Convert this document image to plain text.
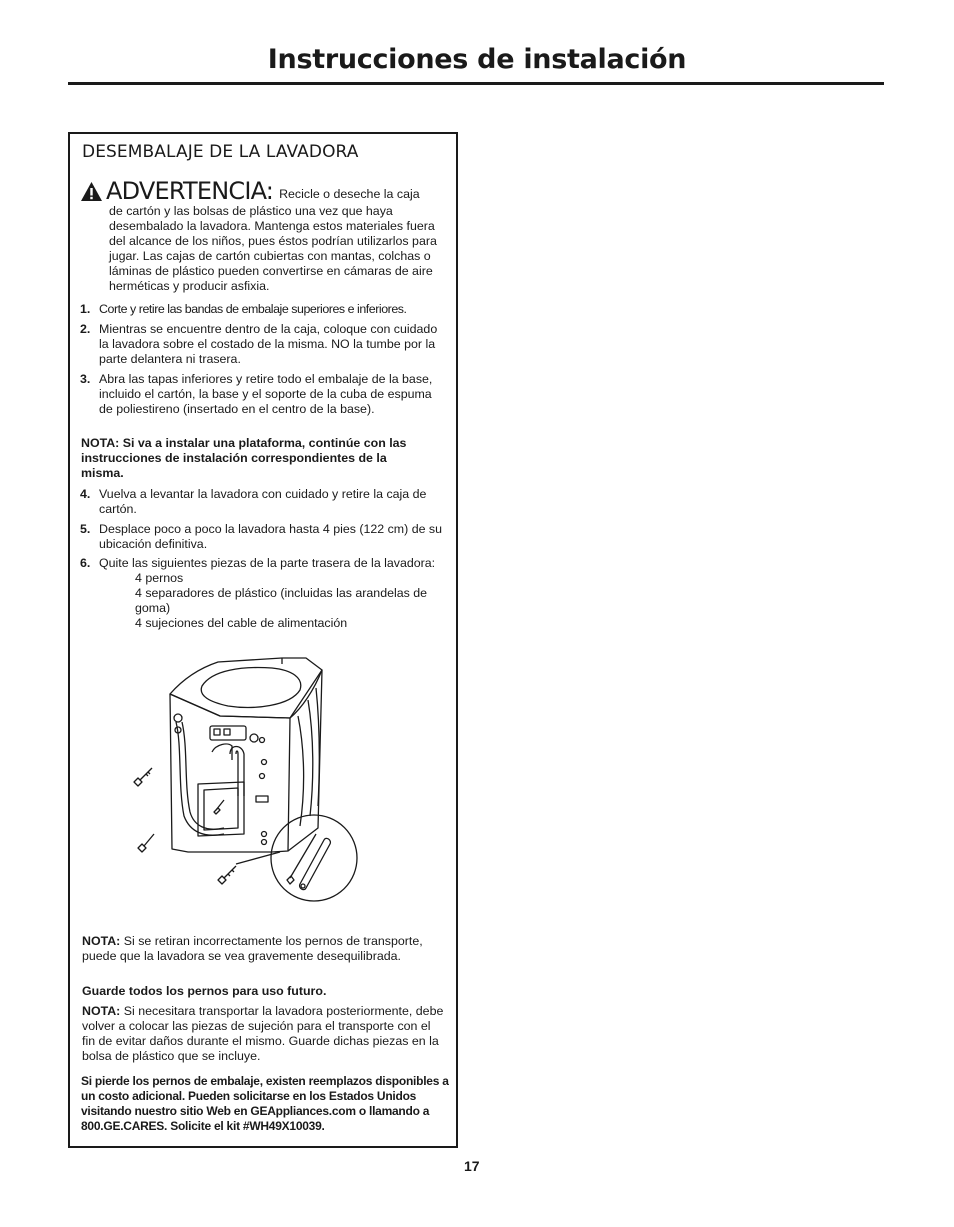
Instrucciones de instalación
DESEMBALAJE DE LA LAVADORA
ADVERTENCIA: Recicle o deseche la caja
de cartón y las bolsas de plástico una vez que haya desembalado la lavadora. Mantenga estos materiales fuera del alcance de los niños, pues éstos podrían utilizarlos para jugar. Las cajas de cartón cubiertas con mantas, colchas o láminas de plástico pueden convertirse en cámaras de aire herméticas y producir asfixia.
1. Corte y retire las bandas de embalaje superiores e inferiores.
2. Mientras se encuentre dentro de la caja, coloque con cuidado la lavadora sobre el costado de la misma. NO la tumbe por la parte delantera ni trasera.
3. Abra las tapas inferiores y retire todo el embalaje de la base, incluido el cartón, la base y el soporte de la cuba de espuma de poliestireno (insertado en el centro de la base).
NOTA: Si va a instalar una plataforma, continúe con las instrucciones de instalación correspondientes de la misma.
4. Vuelva a levantar la lavadora con cuidado y retire la caja de cartón.
5. Desplace poco a poco la lavadora hasta 4 pies (122 cm) de su ubicación definitiva.
6. Quite las siguientes piezas de la parte trasera de la lavadora:
4 pernos
4 separadores de plástico (incluidas las arandelas de goma)
4 sujeciones del cable de alimentación
NOTA: Si se retiran incorrectamente los pernos de transporte, puede que la lavadora se vea gravemente desequilibrada.
Guarde todos los pernos para uso futuro.
NOTA: Si necesitara transportar la lavadora posteriormente, debe volver a colocar las piezas de sujeción para el transporte con el fin de evitar daños durante el mismo. Guarde dichas piezas en la bolsa de plástico que se incluye.
Si pierde los pernos de embalaje, existen reemplazos disponibles a un costo adicional. Pueden solicitarse en los Estados Unidos visitando nuestro sitio Web en GEAppliances.com o llamando a 800.GE.CARES. Solicite el kit #WH49X10039.
17
